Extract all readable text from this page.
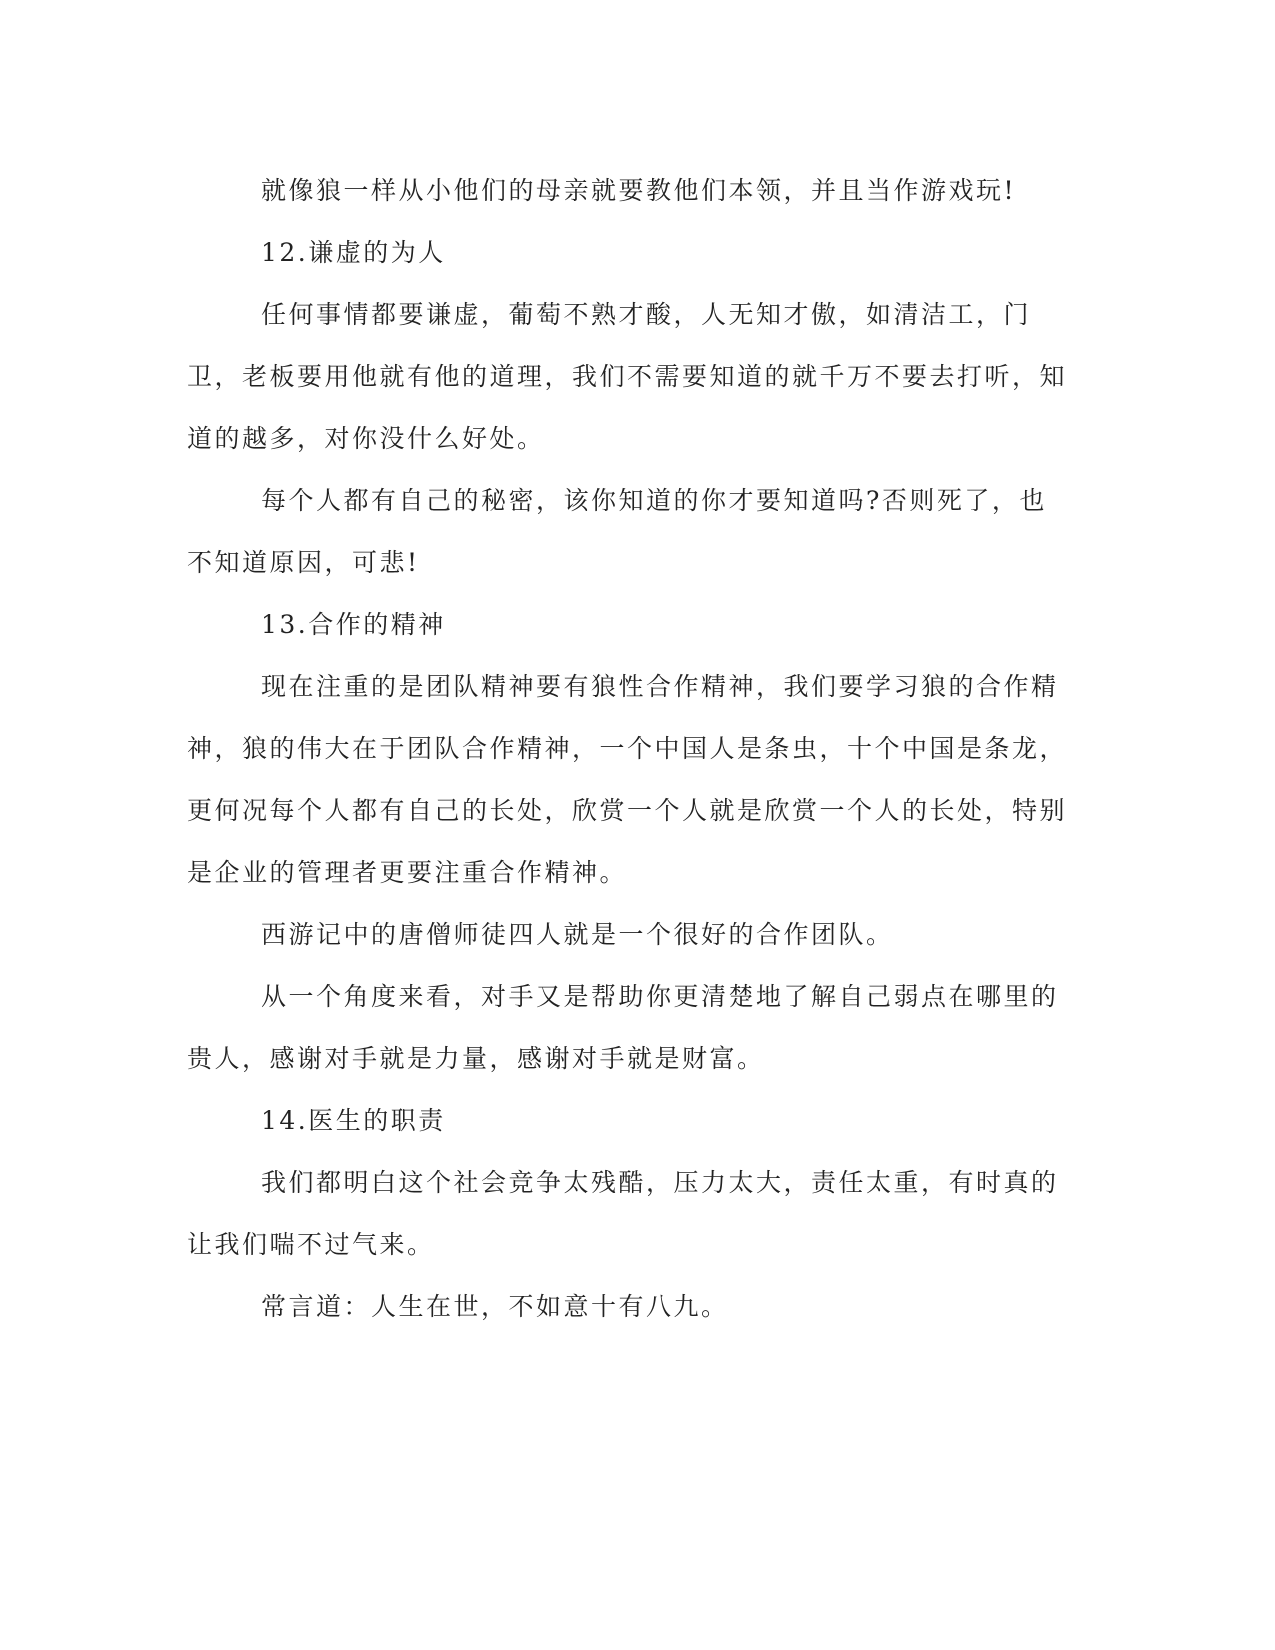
就像狼一样从小他们的母亲就要教他们本领，并且当作游戏玩!

12.谦虚的为人

任何事情都要谦虚，葡萄不熟才酸，人无知才傲，如清洁工，门卫，老板要用他就有他的道理，我们不需要知道的就千万不要去打听，知道的越多，对你没什么好处。

每个人都有自己的秘密，该你知道的你才要知道吗?否则死了，也不知道原因，可悲!

13.合作的精神

现在注重的是团队精神要有狼性合作精神，我们要学习狼的合作精神，狼的伟大在于团队合作精神，一个中国人是条虫，十个中国是条龙，更何况每个人都有自己的长处，欣赏一个人就是欣赏一个人的长处，特别是企业的管理者更要注重合作精神。

西游记中的唐僧师徒四人就是一个很好的合作团队。

从一个角度来看，对手又是帮助你更清楚地了解自己弱点在哪里的贵人，感谢对手就是力量，感谢对手就是财富。

14.医生的职责

我们都明白这个社会竞争太残酷，压力太大，责任太重，有时真的让我们喘不过气来。

常言道：人生在世，不如意十有八九。
